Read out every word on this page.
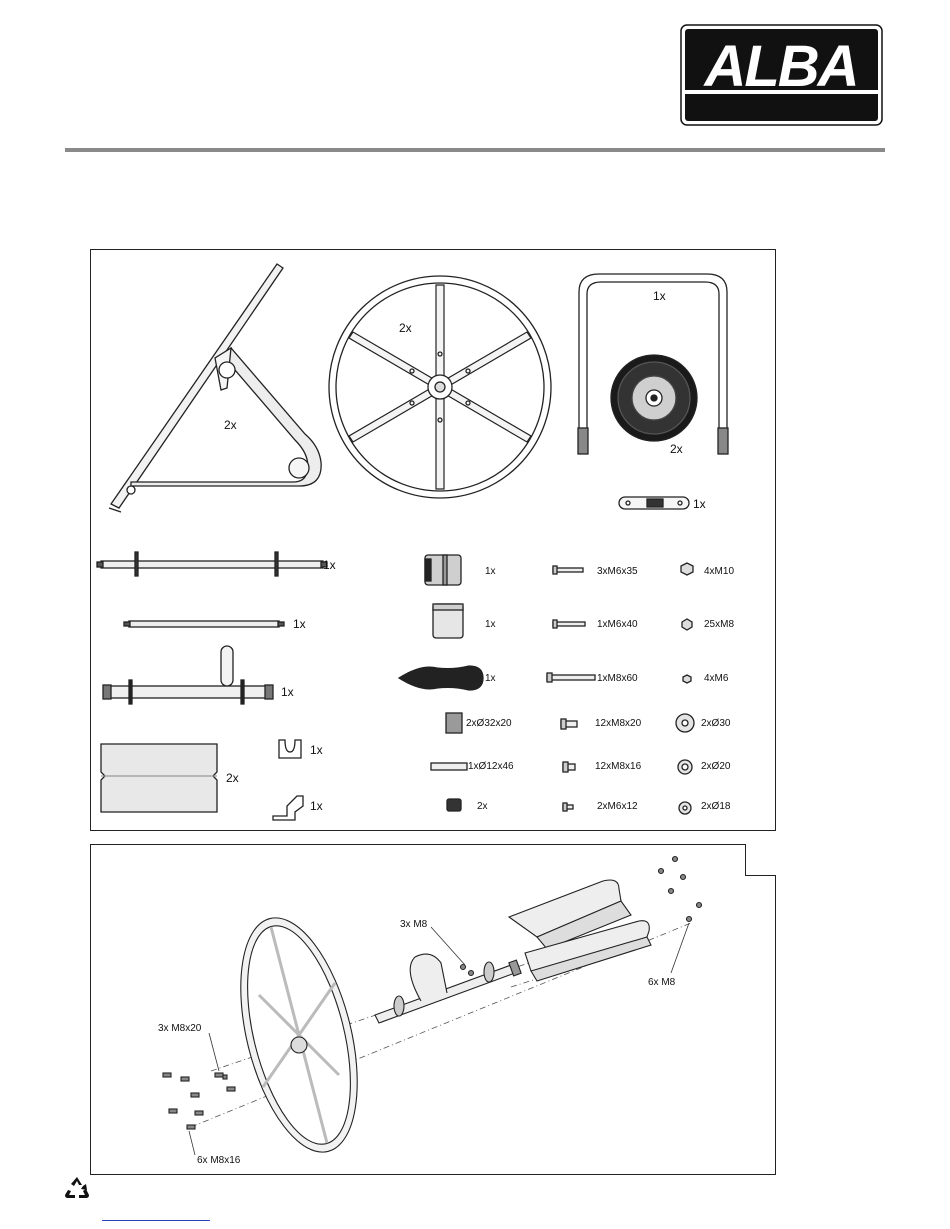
ALBA
2x
2x
1x
2x
1x
1x
1x
1x
2x
1x
1x
1x
1x
1x
2xØ32x20
1xØ12x46
2x
3xM6x35
1xM6x40
1xM8x60
12xM8x20
12xM8x16
2xM6x12
4xM10
25xM8
4xM6
2xØ30
2xØ20
2xØ18
3x M8
6x M8
3x M8x20
6x M8x16
